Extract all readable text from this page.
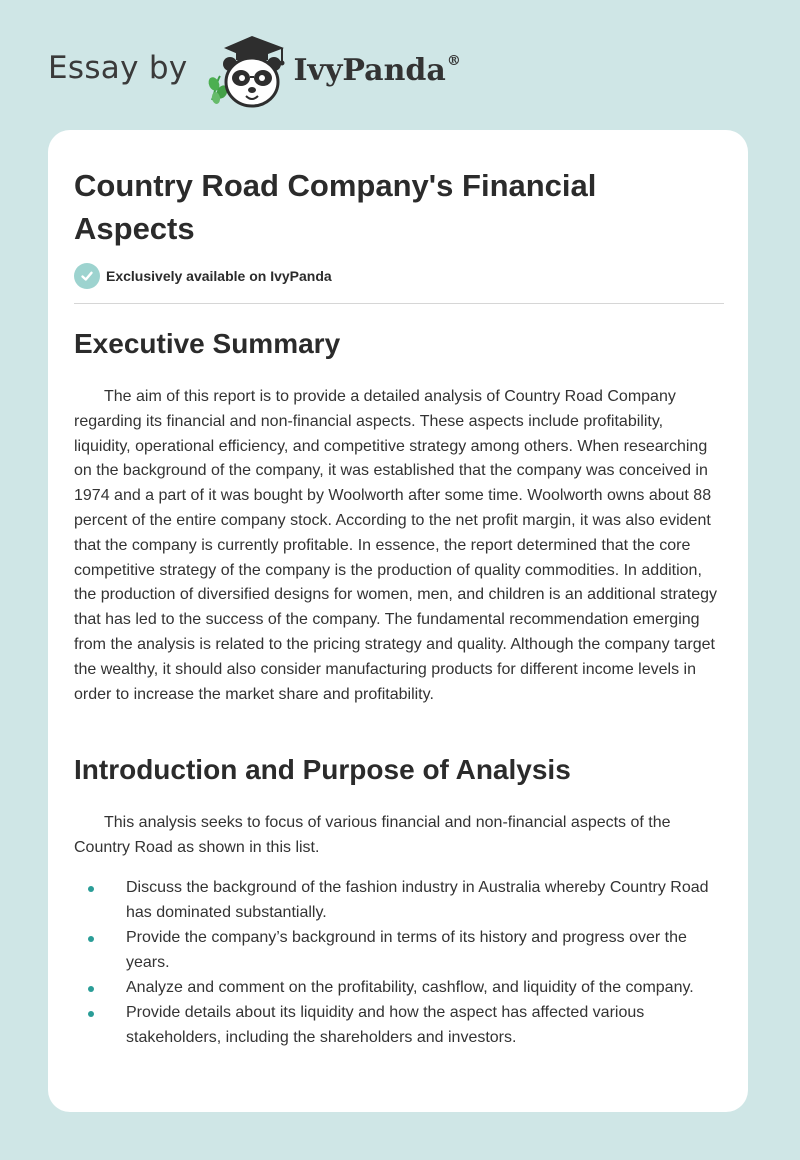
Essay by	IvyPanda®
Country Road Company's Financial Aspects
Exclusively available on IvyPanda
Executive Summary

The aim of this report is to provide a detailed analysis of Country Road Company regarding its financial and non-financial aspects. These aspects include profitability, liquidity, operational efficiency, and competitive strategy among others. When researching on the background of the company, it was established that the company was conceived in 1974 and a part of it was bought by Woolworth after some time. Woolworth owns about 88 percent of the entire company stock. According to the net profit margin, it was also evident that the company is currently profitable. In essence, the report determined that the core competitive strategy of the company is the production of quality commodities. In addition, the production of diversified designs for women, men, and children is an additional strategy that has led to the success of the company. The fundamental recommendation emerging from the analysis is related to the pricing strategy and quality. Although the company target the wealthy, it should also consider manufacturing products for different income levels in order to increase the market share and profitability.

Introduction and Purpose of Analysis

This analysis seeks to focus of various financial and non-financial aspects of the Country Road as shown in this list.

Discuss the background of the fashion industry in Australia whereby Country Road has dominated substantially.
Provide the company’s background in terms of its history and progress over the years.
Analyze and comment on the profitability, cashflow, and liquidity of the company.
Provide details about its liquidity and how the aspect has affected various stakeholders, including the shareholders and investors.
